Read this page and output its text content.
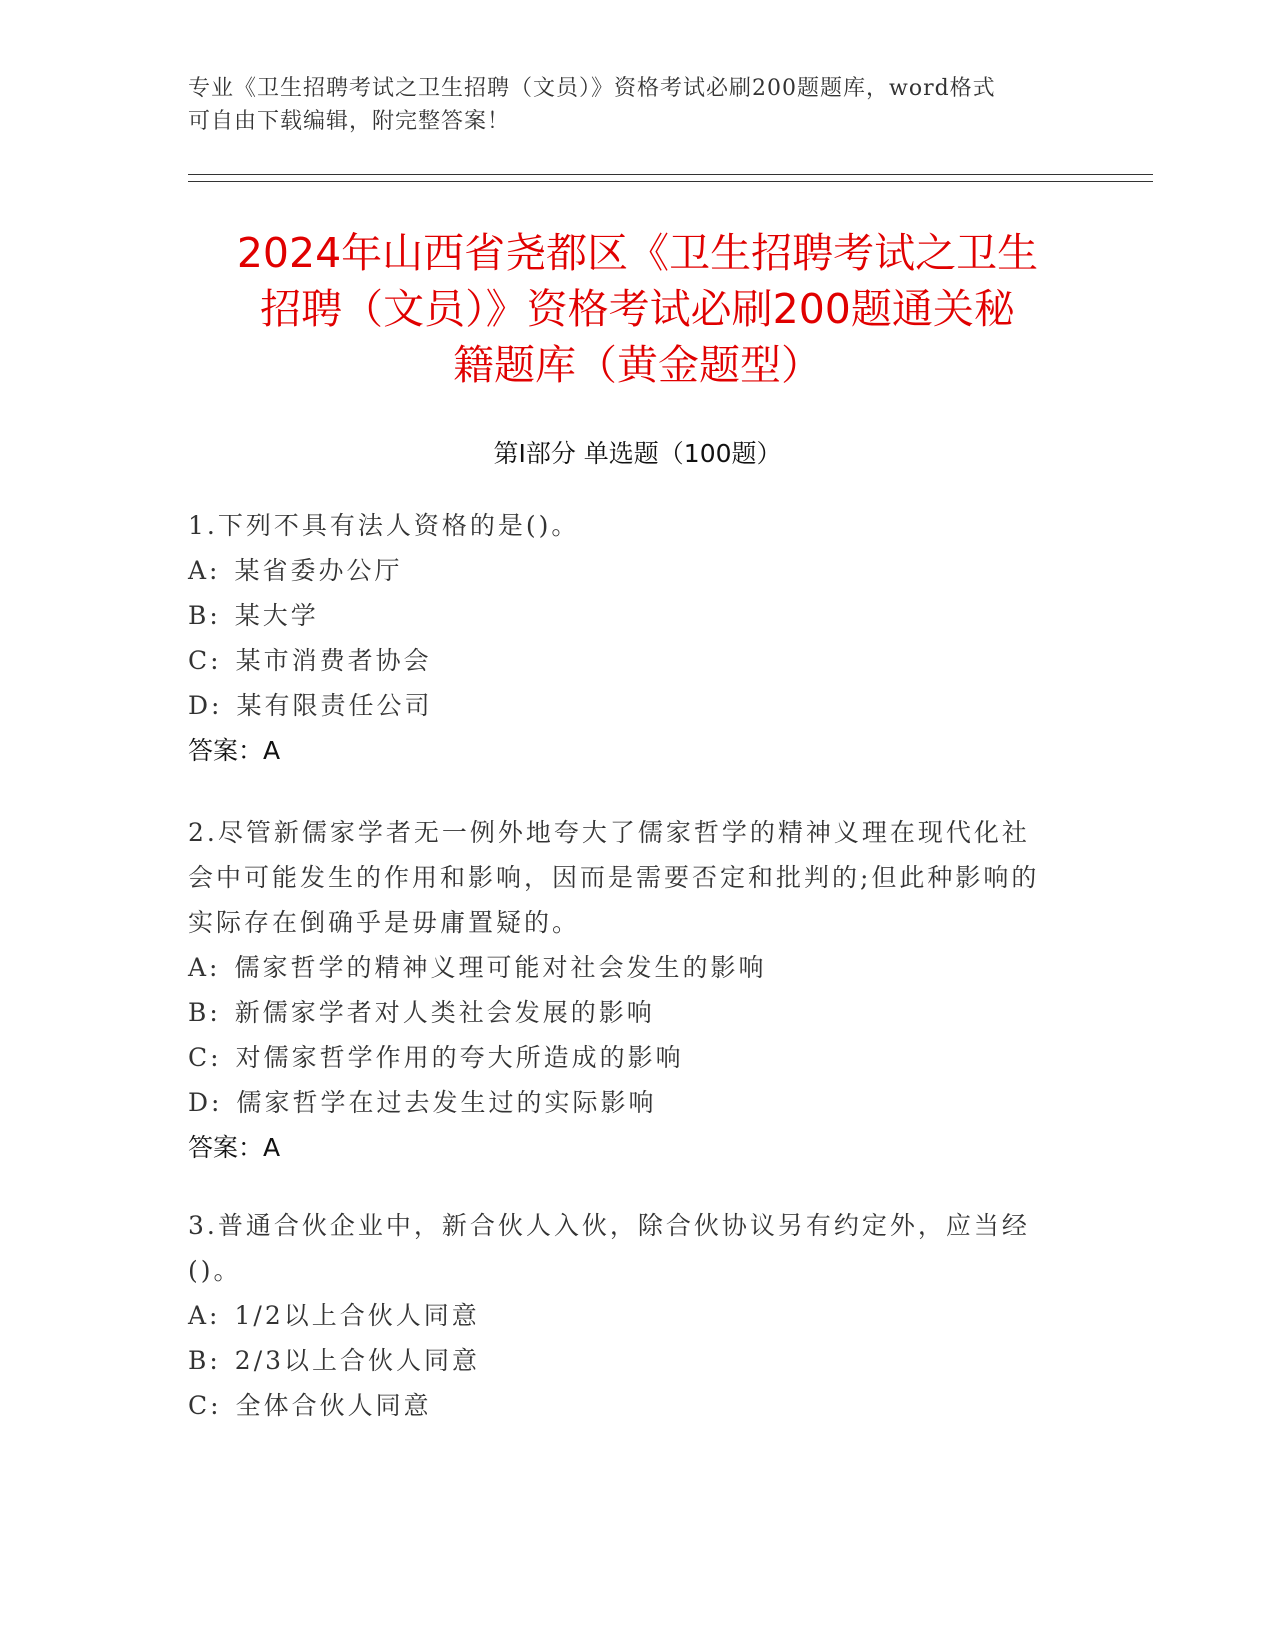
专业《卫生招聘考试之卫生招聘（文员）》资格考试必刷200题题库，word格式
可自由下载编辑，附完整答案！
2024年山西省尧都区《卫生招聘考试之卫生
招聘（文员）》资格考试必刷200题通关秘
籍题库（黄金题型）
第Ⅰ部分 单选题（100题）
1.下列不具有法人资格的是()。
A: 某省委办公厅
B: 某大学
C: 某市消费者协会
D: 某有限责任公司
答案：A
2.尽管新儒家学者无一例外地夸大了儒家哲学的精神义理在现代化社
会中可能发生的作用和影响，因而是需要否定和批判的;但此种影响的
实际存在倒确乎是毋庸置疑的。
A: 儒家哲学的精神义理可能对社会发生的影响
B: 新儒家学者对人类社会发展的影响
C: 对儒家哲学作用的夸大所造成的影响
D: 儒家哲学在过去发生过的实际影响
答案：A
3.普通合伙企业中，新合伙人入伙，除合伙协议另有约定外，应当经
()。
A: 1/2以上合伙人同意
B: 2/3以上合伙人同意
C: 全体合伙人同意
